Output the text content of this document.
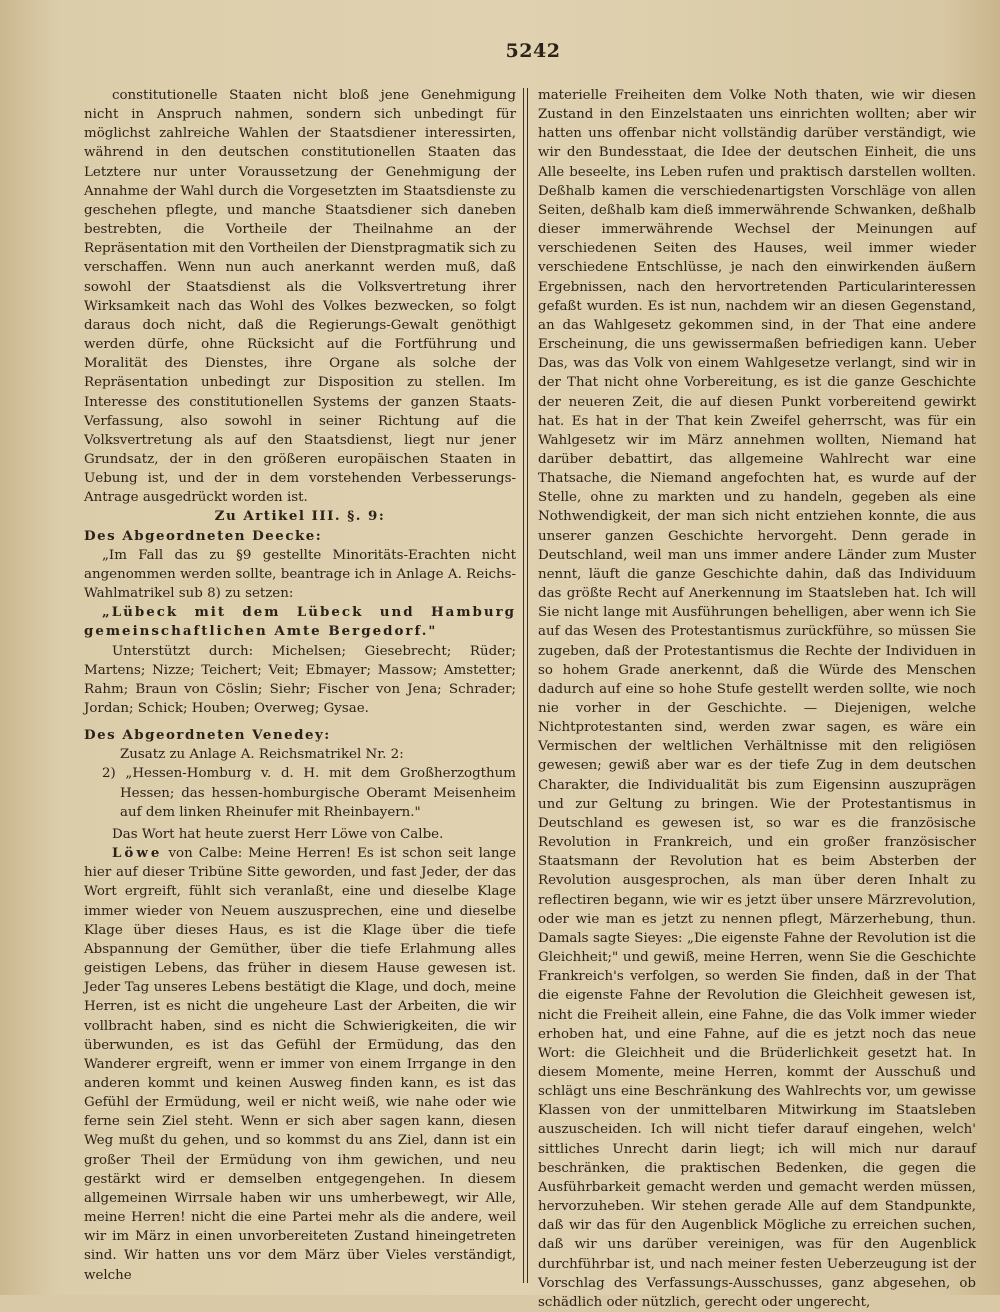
5242

constitutionelle Staaten nicht bloß jene Genehmigung nicht in Anspruch nahmen, sondern sich unbedingt für möglichst zahlreiche Wahlen der Staatsdiener interessirten, während in den deutschen constitutionellen Staaten das Letztere nur unter Voraussetzung der Genehmigung der Annahme der Wahl durch die Vorgesetzten im Staatsdienste zu geschehen pflegte, und manche Staatsdiener sich daneben bestrebten, die Vortheile der Theilnahme an der Repräsentation mit den Vortheilen der Dienstpragmatik sich zu verschaffen. Wenn nun auch anerkannt werden muß, daß sowohl der Staatsdienst als die Volksvertretung ihrer Wirksamkeit nach das Wohl des Volkes bezwecken, so folgt daraus doch nicht, daß die Regierungs-Gewalt genöthigt werden dürfe, ohne Rücksicht auf die Fortführung und Moralität des Dienstes, ihre Organe als solche der Repräsentation unbedingt zur Disposition zu stellen. Im Interesse des constitutionellen Systems der ganzen Staats-Verfassung, also sowohl in seiner Richtung auf die Volksvertretung als auf den Staatsdienst, liegt nur jener Grundsatz, der in den größeren europäischen Staaten in Uebung ist, und der in dem vorstehenden Verbesserungs-Antrage ausgedrückt worden ist.

Zu Artikel III. §. 9:

Des Abgeordneten Deecke:

„Im Fall das zu §9 gestellte Minoritäts-Erachten nicht angenommen werden sollte, beantrage ich in Anlage A. Reichs-Wahlmatrikel sub 8) zu setzen:

„Lübeck mit dem Lübeck und Hamburg gemeinschaftlichen Amte Bergedorf."

Unterstützt durch: Michelsen; Giesebrecht; Rüder; Martens; Nizze; Teichert; Veit; Ebmayer; Massow; Amstetter; Rahm; Braun von Cöslin; Siehr; Fischer von Jena; Schrader; Jordan; Schick; Houben; Overweg; Gysae.

Des Abgeordneten Venedey:

Zusatz zu Anlage A. Reichsmatrikel Nr. 2:

2) „Hessen-Homburg v. d. H. mit dem Großherzogthum Hessen; das hessen-homburgische Oberamt Meisenheim auf dem linken Rheinufer mit Rheinbayern."

Das Wort hat heute zuerst Herr Löwe von Calbe.

Löwe von Calbe: Meine Herren! Es ist schon seit lange hier auf dieser Tribüne Sitte geworden, und fast Jeder, der das Wort ergreift, fühlt sich veranlaßt, eine und dieselbe Klage immer wieder von Neuem auszusprechen, eine und dieselbe Klage über dieses Haus, es ist die Klage über die tiefe Abspannung der Gemüther, über die tiefe Erlahmung alles geistigen Lebens, das früher in diesem Hause gewesen ist. Jeder Tag unseres Lebens bestätigt die Klage, und doch, meine Herren, ist es nicht die ungeheure Last der Arbeiten, die wir vollbracht haben, sind es nicht die Schwierigkeiten, die wir überwunden, es ist das Gefühl der Ermüdung, das den Wanderer ergreift, wenn er immer von einem Irrgange in den anderen kommt und keinen Ausweg finden kann, es ist das Gefühl der Ermüdung, weil er nicht weiß, wie nahe oder wie ferne sein Ziel steht. Wenn er sich aber sagen kann, diesen Weg mußt du gehen, und so kommst du ans Ziel, dann ist ein großer Theil der Ermüdung von ihm gewichen, und neu gestärkt wird er demselben entgegengehen. In diesem allgemeinen Wirrsale haben wir uns umherbewegt, wir Alle, meine Herren! nicht die eine Partei mehr als die andere, weil wir im März in einen unvorbereiteten Zustand hineingetreten sind. Wir hatten uns vor dem März über Vieles verständigt, welche

materielle Freiheiten dem Volke Noth thaten, wie wir diesen Zustand in den Einzelstaaten uns einrichten wollten; aber wir hatten uns offenbar nicht vollständig darüber verständigt, wie wir den Bundesstaat, die Idee der deutschen Einheit, die uns Alle beseelte, ins Leben rufen und praktisch darstellen wollten. Deßhalb kamen die verschiedenartigsten Vorschläge von allen Seiten, deßhalb kam dieß immerwährende Schwanken, deßhalb dieser immerwährende Wechsel der Meinungen auf verschiedenen Seiten des Hauses, weil immer wieder verschiedene Entschlüsse, je nach den einwirkenden äußern Ergebnissen, nach den hervortretenden Particularinteressen gefaßt wurden. Es ist nun, nachdem wir an diesen Gegenstand, an das Wahlgesetz gekommen sind, in der That eine andere Erscheinung, die uns gewissermaßen befriedigen kann. Ueber Das, was das Volk von einem Wahlgesetze verlangt, sind wir in der That nicht ohne Vorbereitung, es ist die ganze Geschichte der neueren Zeit, die auf diesen Punkt vorbereitend gewirkt hat. Es hat in der That kein Zweifel geherrscht, was für ein Wahlgesetz wir im März annehmen wollten, Niemand hat darüber debattirt, das allgemeine Wahlrecht war eine Thatsache, die Niemand angefochten hat, es wurde auf der Stelle, ohne zu markten und zu handeln, gegeben als eine Nothwendigkeit, der man sich nicht entziehen konnte, die aus unserer ganzen Geschichte hervorgeht. Denn gerade in Deutschland, weil man uns immer andere Länder zum Muster nennt, läuft die ganze Geschichte dahin, daß das Individuum das größte Recht auf Anerkennung im Staatsleben hat. Ich will Sie nicht lange mit Ausführungen behelligen, aber wenn ich Sie auf das Wesen des Protestantismus zurückführe, so müssen Sie zugeben, daß der Protestantismus die Rechte der Individuen in so hohem Grade anerkennt, daß die Würde des Menschen dadurch auf eine so hohe Stufe gestellt werden sollte, wie noch nie vorher in der Geschichte. — Diejenigen, welche Nichtprotestanten sind, werden zwar sagen, es wäre ein Vermischen der weltlichen Verhältnisse mit den religiösen gewesen; gewiß aber war es der tiefe Zug in dem deutschen Charakter, die Individualität bis zum Eigensinn auszuprägen und zur Geltung zu bringen. Wie der Protestantismus in Deutschland es gewesen ist, so war es die französische Revolution in Frankreich, und ein großer französischer Staatsmann der Revolution hat es beim Absterben der Revolution ausgesprochen, als man über deren Inhalt zu reflectiren begann, wie wir es jetzt über unsere Märzrevolution, oder wie man es jetzt zu nennen pflegt, Märzerhebung, thun. Damals sagte Sieyes: „Die eigenste Fahne der Revolution ist die Gleichheit;" und gewiß, meine Herren, wenn Sie die Geschichte Frankreich's verfolgen, so werden Sie finden, daß in der That die eigenste Fahne der Revolution die Gleichheit gewesen ist, nicht die Freiheit allein, eine Fahne, die das Volk immer wieder erhoben hat, und eine Fahne, auf die es jetzt noch das neue Wort: die Gleichheit und die Brüderlichkeit gesetzt hat. In diesem Momente, meine Herren, kommt der Ausschuß und schlägt uns eine Beschränkung des Wahlrechts vor, um gewisse Klassen von der unmittelbaren Mitwirkung im Staatsleben auszuscheiden. Ich will nicht tiefer darauf eingehen, welch' sittliches Unrecht darin liegt; ich will mich nur darauf beschränken, die praktischen Bedenken, die gegen die Ausführbarkeit gemacht werden und gemacht werden müssen, hervorzuheben. Wir stehen gerade Alle auf dem Standpunkte, daß wir das für den Augenblick Mögliche zu erreichen suchen, daß wir uns darüber vereinigen, was für den Augenblick durchführbar ist, und nach meiner festen Ueberzeugung ist der Vorschlag des Verfassungs-Ausschusses, ganz abgesehen, ob schädlich oder nützlich, gerecht oder ungerecht,
